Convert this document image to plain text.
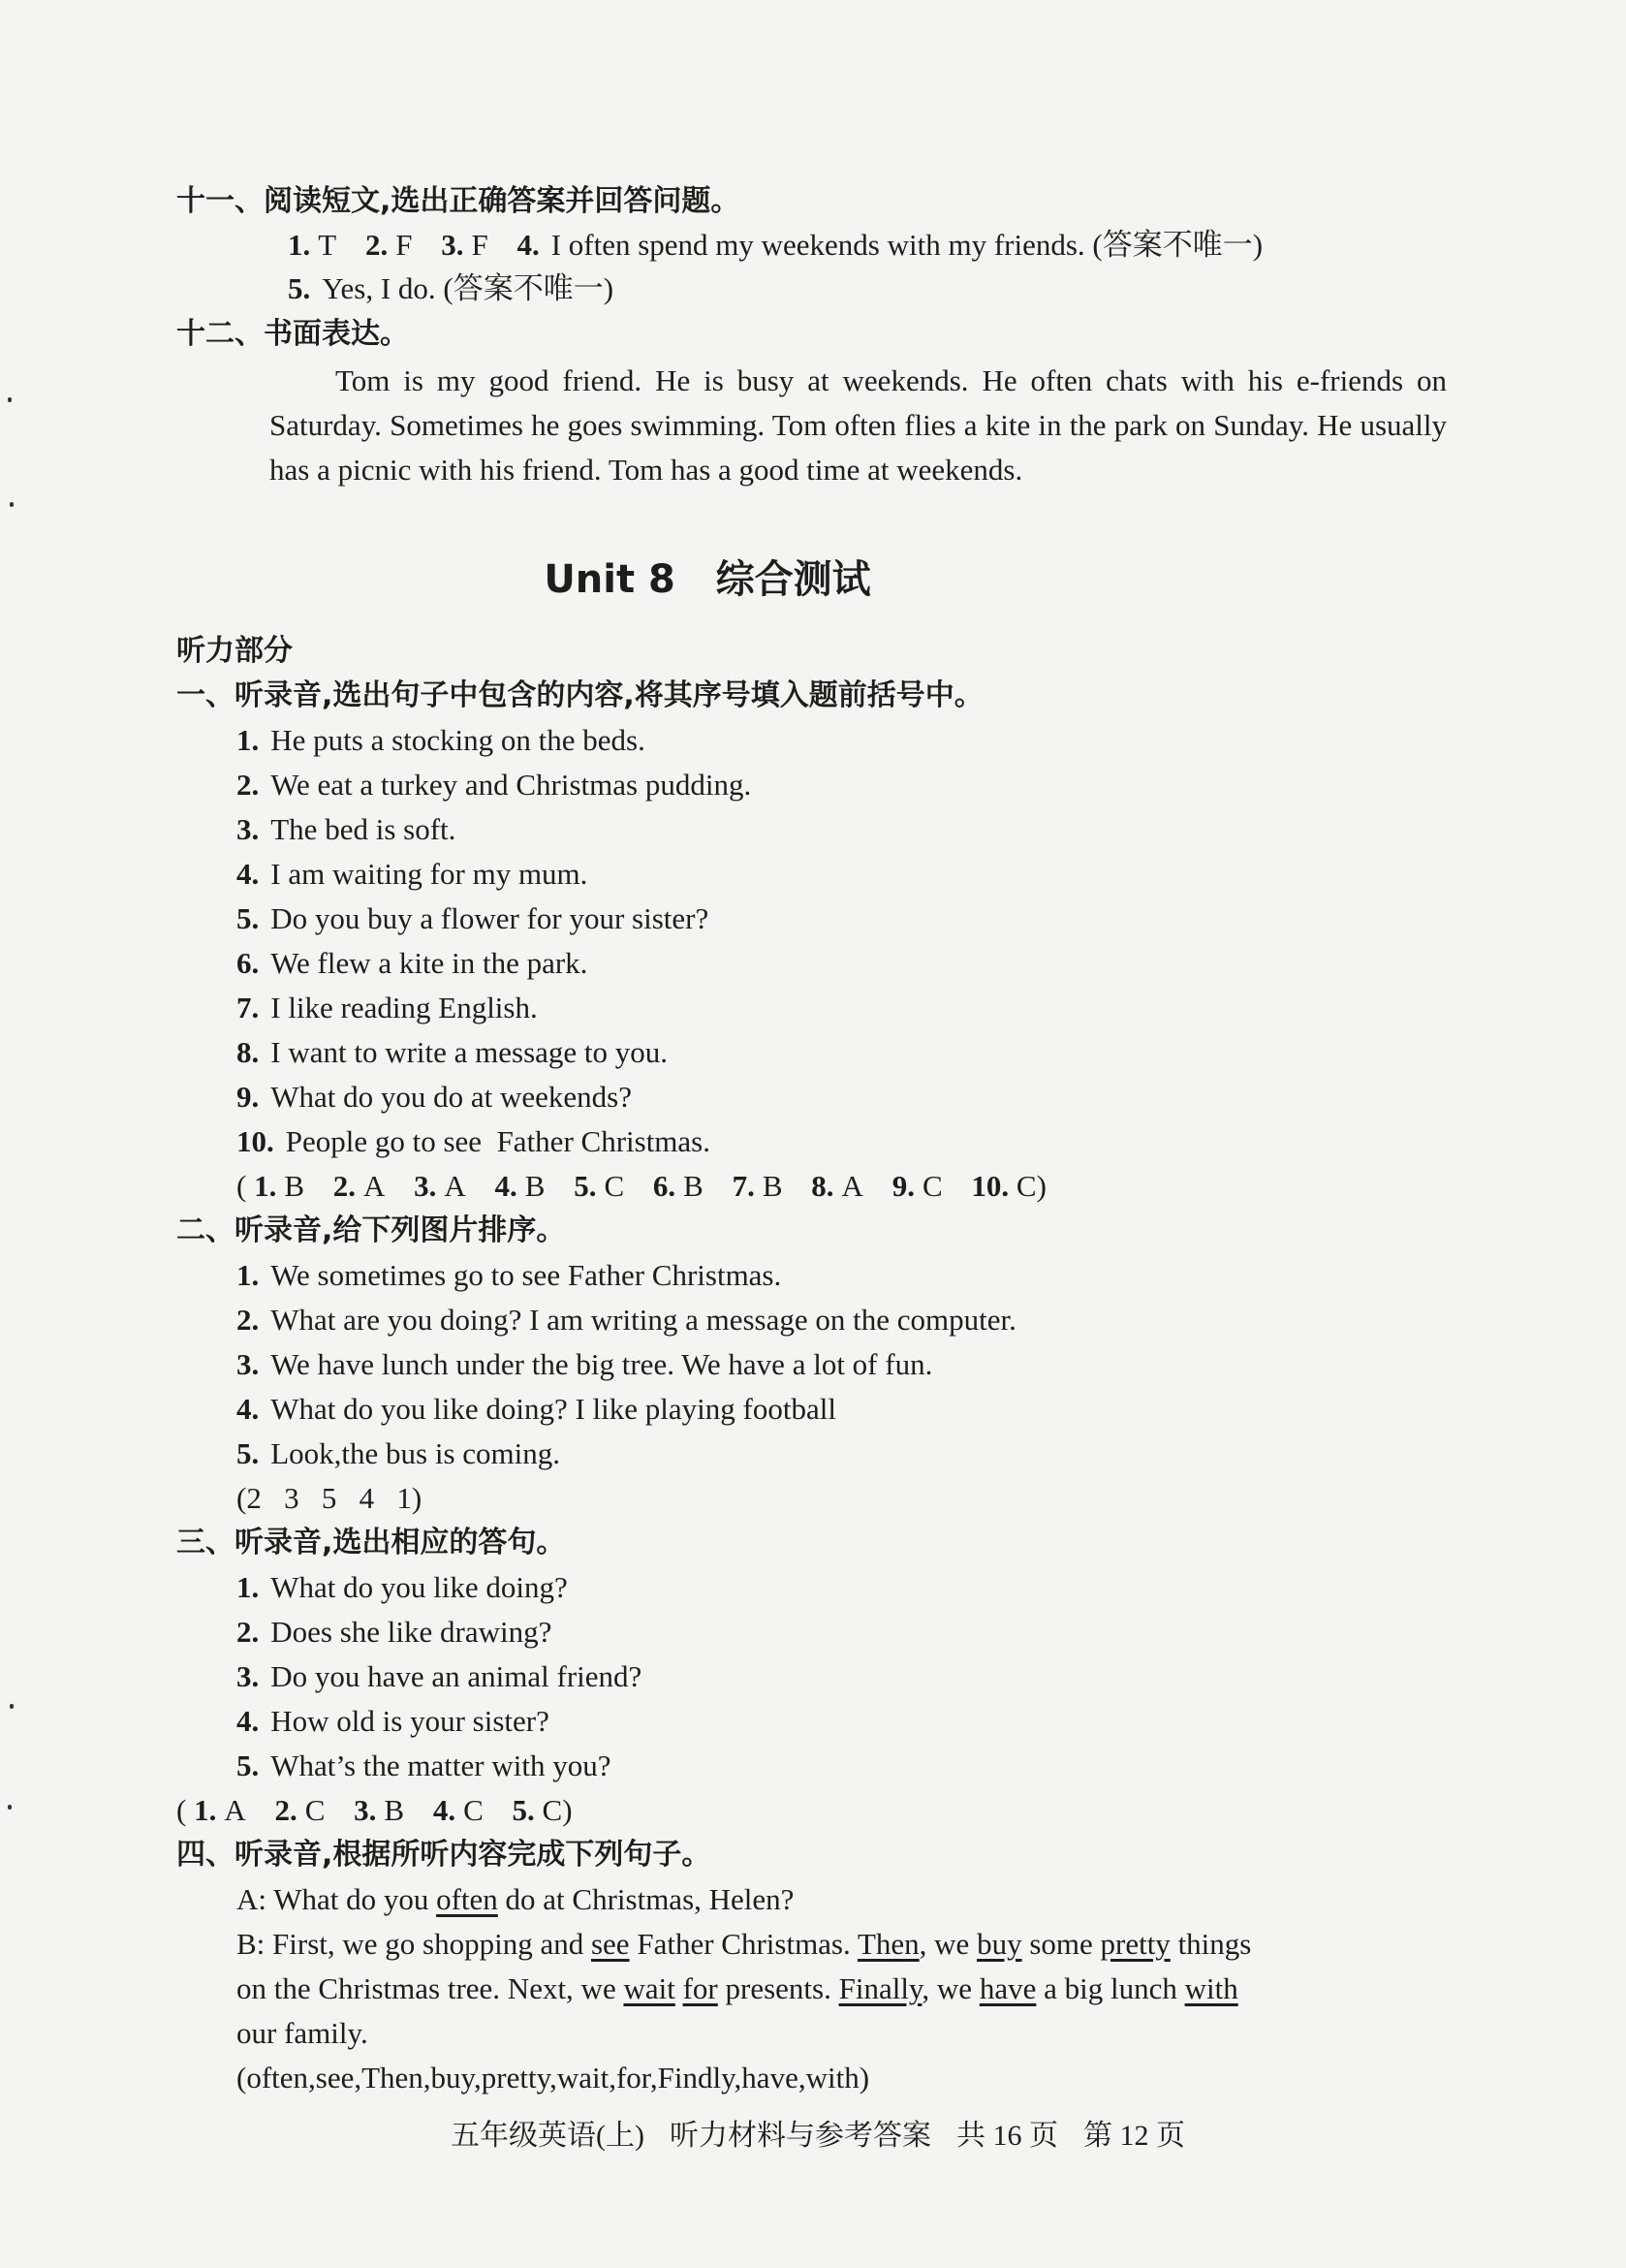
十一、阅读短文,选出正确答案并回答问题。
1. T 2. F 3. F 4. I often spend my weekends with my friends. (答案不唯一)
5. Yes, I do. (答案不唯一)
十二、书面表达。
Tom is my good friend. He is busy at weekends. He often chats with his e-friends on Saturday. Sometimes he goes swimming. Tom often flies a kite in the park on Sunday. He usually has a picnic with his friend. Tom has a good time at weekends.
Unit 8   综合测试
听力部分
一、听录音,选出句子中包含的内容,将其序号填入题前括号中。
1. He puts a stocking on the beds.
2. We eat a turkey and Christmas pudding.
3. The bed is soft.
4. I am waiting for my mum.
5. Do you buy a flower for your sister?
6. We flew a kite in the park.
7. I like reading English.
8. I want to write a message to you.
9. What do you do at weekends?
10. People go to see  Father Christmas.
( 1. B 2. A 3. A 4. B 5. C 6. B 7. B 8. A 9. C 10. C)
二、听录音,给下列图片排序。
1. We sometimes go to see Father Christmas.
2. What are you doing? I am writing a message on the computer.
3. We have lunch under the big tree. We have a lot of fun.
4. What do you like doing? I like playing football
5. Look,the bus is coming.
(2   3   5   4   1)
三、听录音,选出相应的答句。
1. What do you like doing?
2. Does she like drawing?
3. Do you have an animal friend?
4. How old is your sister?
5. What’s the matter with you?
( 1. A 2. C 3. B 4. C 5. C)
四、听录音,根据所听内容完成下列句子。
A: What do you often do at Christmas, Helen?
B: First, we go shopping and see Father Christmas. Then, we buy some pretty things
on the Christmas tree. Next, we wait for presents. Finally, we have a big lunch with
our family.
(often,see,Then,buy,pretty,wait,for,Findly,have,with)
五年级英语(上) 听力材料与参考答案 共 16 页 第 12 页
